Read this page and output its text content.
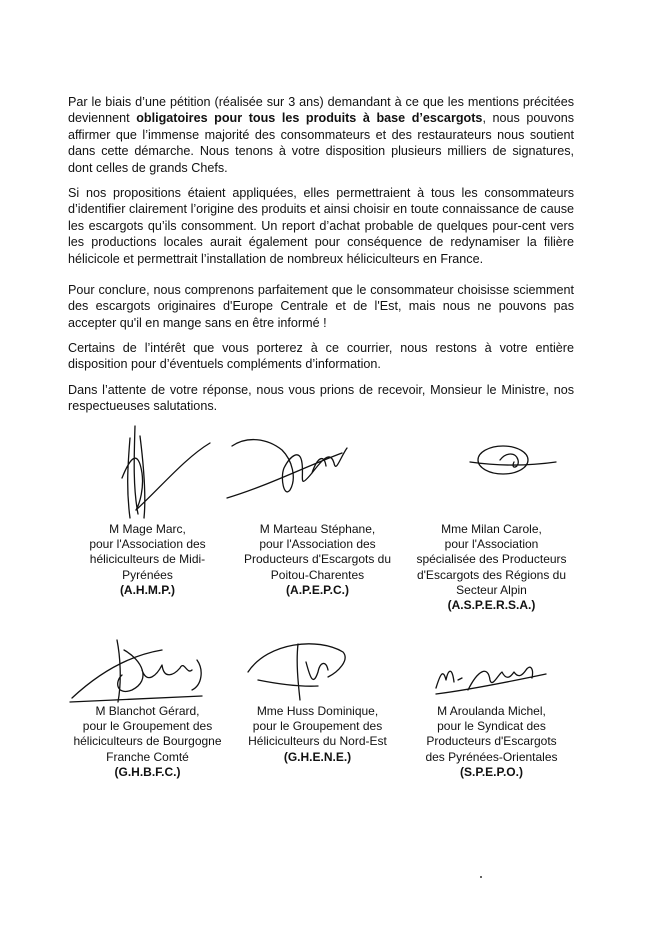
Par le biais d’une pétition (réalisée sur 3 ans) demandant à ce que les mentions précitées deviennent obligatoires pour tous les produits à base d’escargots, nous pouvons affirmer que l’immense majorité des consommateurs et des restaurateurs nous soutient dans cette démarche. Nous tenons à votre disposition plusieurs milliers de signatures, dont celles de grands Chefs.

Si nos propositions étaient appliquées, elles permettraient à tous les consommateurs d’identifier clairement l’origine des produits et ainsi choisir en toute connaissance de cause les escargots qu’ils consomment. Un report d’achat probable de quelques pour-cent vers les productions locales aurait également pour conséquence de redynamiser la filière hélicicole et permettrait l’installation de nombreux héliciculteurs en France.

Pour conclure, nous comprenons parfaitement que le consommateur choisisse sciemment des escargots originaires d'Europe Centrale et de l'Est, mais nous ne pouvons pas accepter qu'il en mange sans en être informé !

Certains de l’intérêt que vous porterez à ce courrier, nous restons à votre entière disposition pour d’éventuels compléments d’information.

Dans l’attente de votre réponse, nous vous prions de recevoir, Monsieur le Ministre, nos respectueuses salutations.

M Mage Marc,
pour l'Association des
héliciculteurs de Midi-
Pyrénées
(A.H.M.P.)
M Marteau Stéphane,
pour l'Association des
Producteurs d'Escargots du
Poitou-Charentes
(A.P.E.P.C.)
Mme Milan Carole,
pour l'Association
spécialisée des Producteurs
d'Escargots des Régions du
Secteur Alpin
(A.S.P.E.R.S.A.)
M Blanchot Gérard,
pour le Groupement des
héliciculteurs de Bourgogne
Franche Comté
(G.H.B.F.C.)
Mme Huss Dominique,
pour le Groupement des
Héliciculteurs du Nord-Est
(G.H.E.N.E.)
M Aroulanda Michel,
pour le Syndicat des
Producteurs d'Escargots
des Pyrénées-Orientales
(S.P.E.P.O.)
